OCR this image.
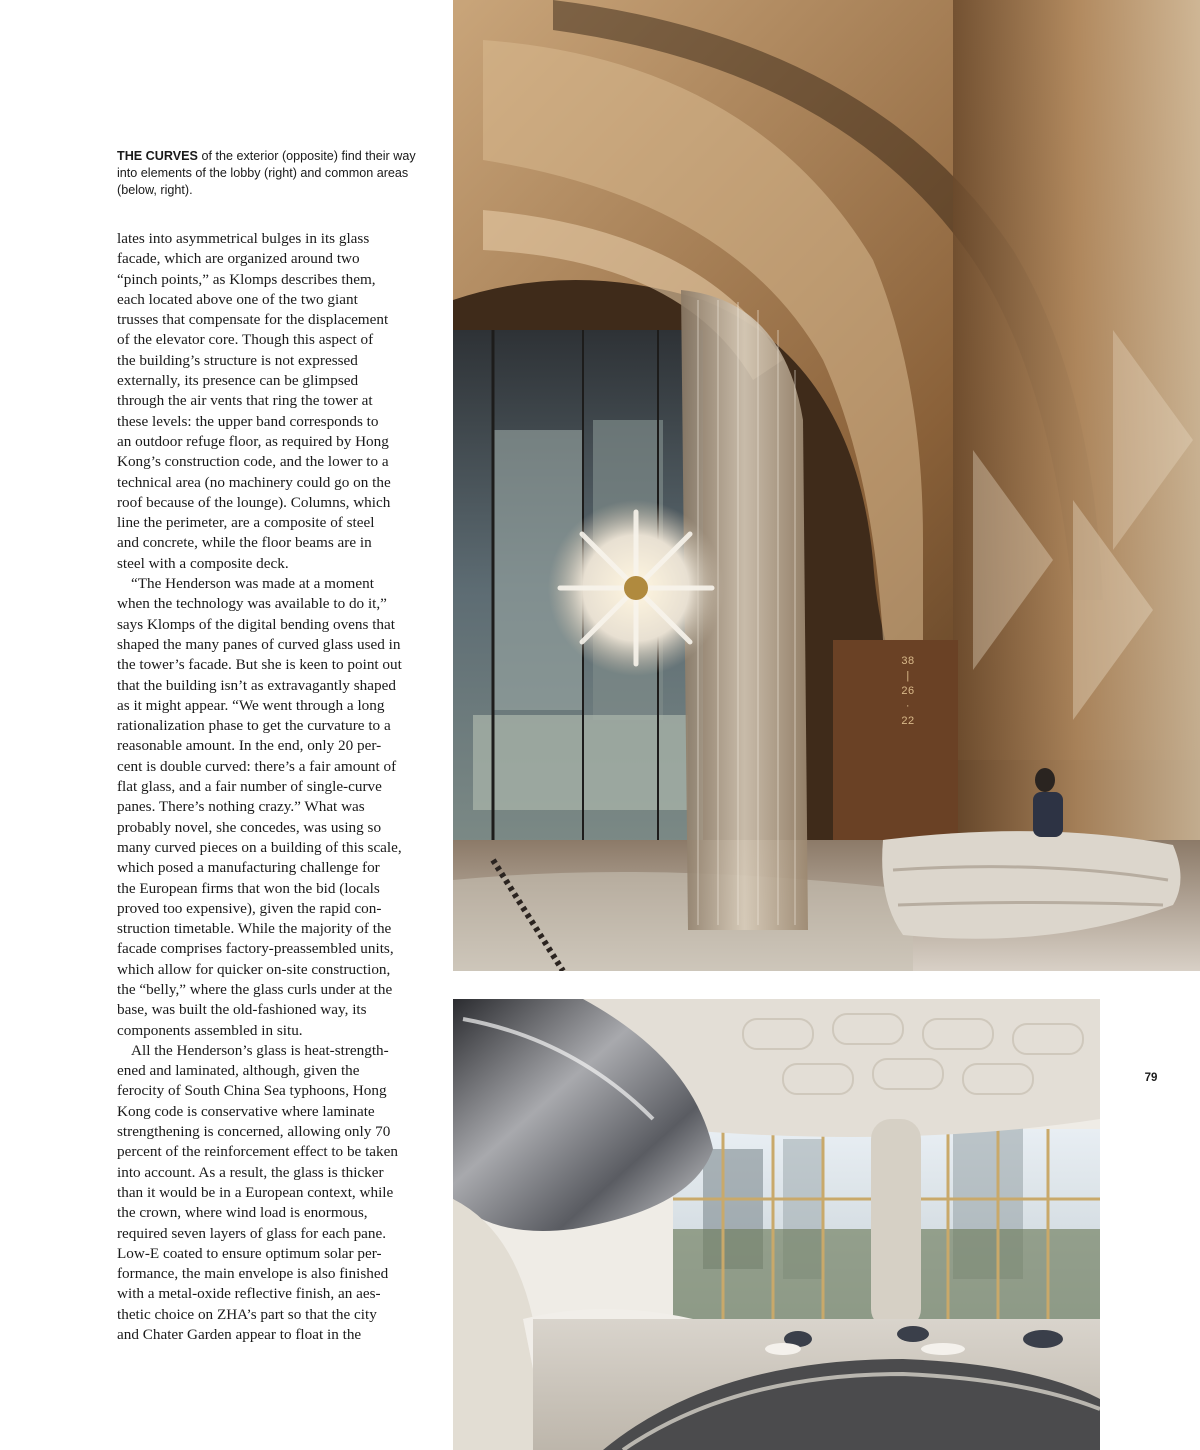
THE CURVES of the exterior (opposite) find their way into elements of the lobby (right) and common areas (below, right).
lates into asymmetrical bulges in its glass
facade, which are organized around two
“pinch points,” as Klomps describes them,
each located above one of the two giant
trusses that compensate for the displacement
of the elevator core. Though this aspect of
the building’s structure is not expressed
externally, its presence can be glimpsed
through the air vents that ring the tower at
these levels: the upper band corresponds to
an outdoor refuge floor, as required by Hong
Kong’s construction code, and the lower to a
technical area (no machinery could go on the
roof because of the lounge). Columns, which
line the perimeter, are a composite of steel
and concrete, while the floor beams are in
steel with a composite deck.
“The Henderson was made at a moment
when the technology was available to do it,”
says Klomps of the digital bending ovens that
shaped the many panes of curved glass used in
the tower’s facade. But she is keen to point out
that the building isn’t as extravagantly shaped
as it might appear. “We went through a long
rationalization phase to get the curvature to a
reasonable amount. In the end, only 20 per-
cent is double curved: there’s a fair amount of
flat glass, and a fair number of single-curve
panes. There’s nothing crazy.” What was
probably novel, she concedes, was using so
many curved pieces on a building of this scale,
which posed a manufacturing challenge for
the European firms that won the bid (locals
proved too expensive), given the rapid con-
struction timetable. While the majority of the
facade comprises factory-preassembled units,
which allow for quicker on-site construction,
the “belly,” where the glass curls under at the
base, was built the old-fashioned way, its
components assembled in situ.
All the Henderson’s glass is heat-strength-
ened and laminated, although, given the
ferocity of South China Sea typhoons, Hong
Kong code is conservative where laminate
strengthening is concerned, allowing only 70
percent of the reinforcement effect to be taken
into account. As a result, the glass is thicker
than it would be in a European context, while
the crown, where wind load is enormous,
required seven layers of glass for each pane.
Low-E coated to ensure optimum solar per-
formance, the main envelope is also finished
with a metal-oxide reflective finish, an aes-
thetic choice on ZHA’s part so that the city
and Chater Garden appear to float in the
38
|
26
·
22
79
